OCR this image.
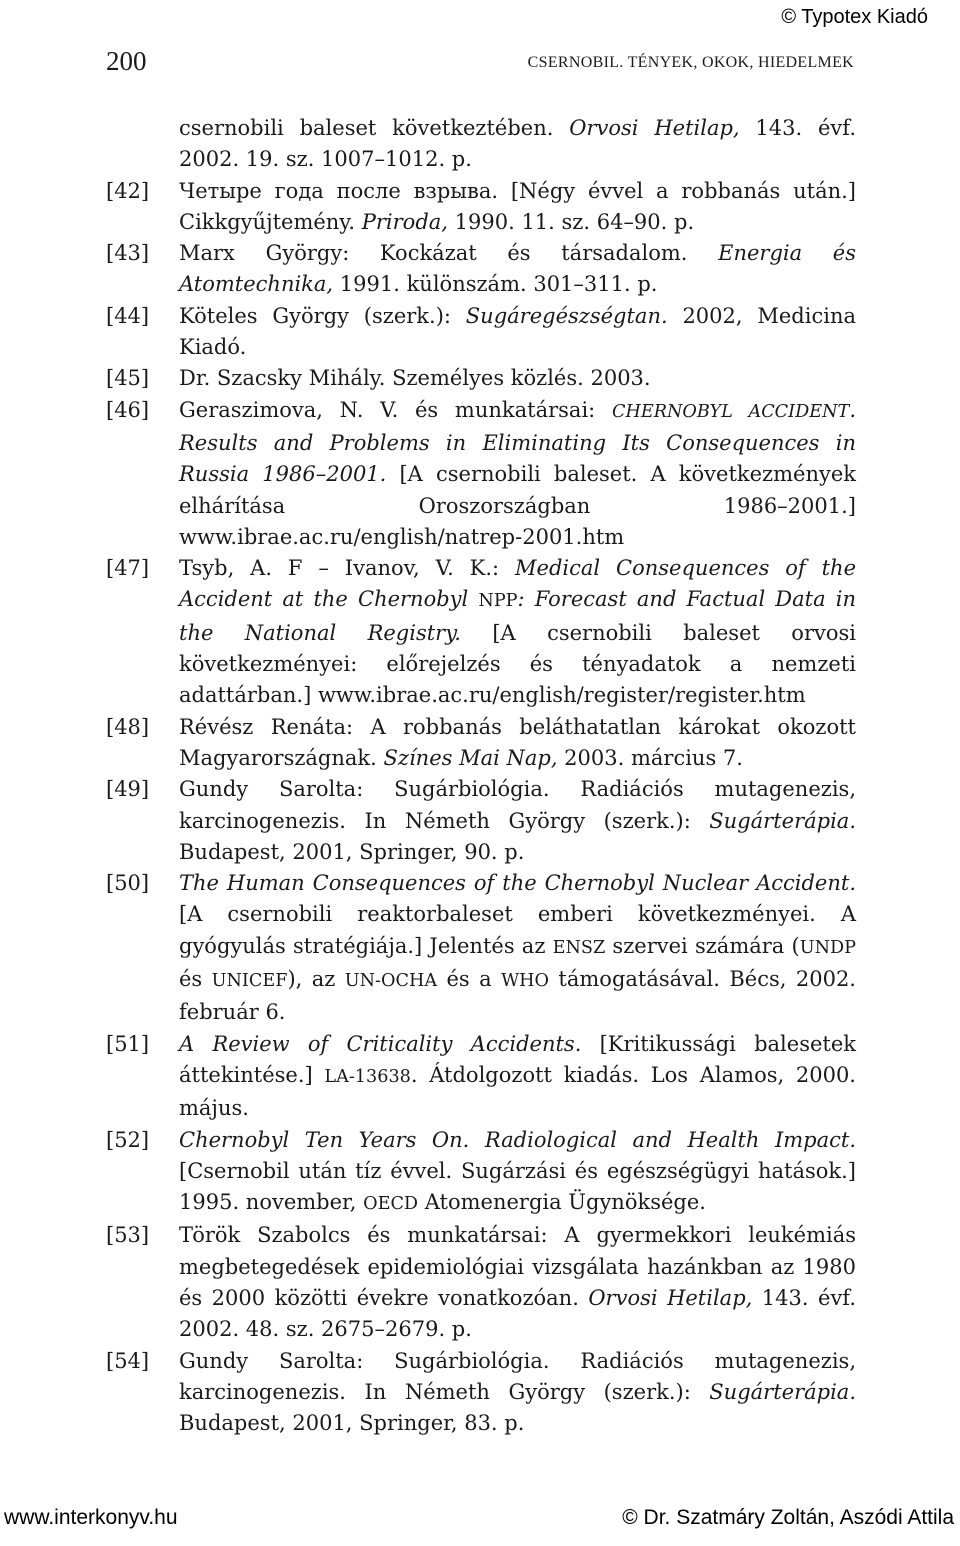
© Typotex Kiadó
200	CSERNOBIL. TÉNYEK, OKOK, HIEDELMEK
csernobili baleset következtében. Orvosi Hetilap, 143. évf. 2002. 19. sz. 1007–1012. p.
[42] Четыре года после взрыва. [Négy évvel a robbanás után.] Cikkgyűjtemény. Priroda, 1990. 11. sz. 64–90. p.
[43] Marx György: Kockázat és társadalom. Energia és Atomtechnika, 1991. különszám. 301–311. p.
[44] Köteles György (szerk.): Sugáregészségtan. 2002, Medicina Kiadó.
[45] Dr. Szacsky Mihály. Személyes közlés. 2003.
[46] Geraszimova, N. V. és munkatársai: CHERNOBYL ACCIDENT. Results and Problems in Eliminating Its Consequences in Russia 1986–2001. [A csernobili baleset. A következmények elhárítása Oroszországban 1986–2001.] www.ibrae.ac.ru/english/natrep-2001.htm
[47] Tsyb, A. F – Ivanov, V. K.: Medical Consequences of the Accident at the Chernobyl NPP: Forecast and Factual Data in the National Registry. [A csernobili baleset orvosi következményei: előrejelzés és tényadatok a nemzeti adattárban.] www.ibrae.ac.ru/english/register/register.htm
[48] Révész Renáta: A robbanás beláthatatlan károkat okozott Magyarországnak. Színes Mai Nap, 2003. március 7.
[49] Gundy Sarolta: Sugárbiológia. Radiációs mutagenezis, karcinogenezis. In Németh György (szerk.): Sugárterápia. Budapest, 2001, Springer, 90. p.
[50] The Human Consequences of the Chernobyl Nuclear Accident. [A csernobili reaktorbaleset emberi következményei. A gyógyulás stratégiája.] Jelentés az ENSZ szervei számára (UNDP és UNICEF), az UN-OCHA és a WHO támogatásával. Bécs, 2002. február 6.
[51] A Review of Criticality Accidents. [Kritikussági balesetek áttekintése.] LA-13638. Átdolgozott kiadás. Los Alamos, 2000. május.
[52] Chernobyl Ten Years On. Radiological and Health Impact. [Csernobil után tíz évvel. Sugárzási és egészségügyi hatások.] 1995. november, OECD Atomenergia Ügynöksége.
[53] Török Szabolcs és munkatársai: A gyermekkori leukémiás megbetegedések epidemiológiai vizsgálata hazánkban az 1980 és 2000 közötti évekre vonatkozóan. Orvosi Hetilap, 143. évf. 2002. 48. sz. 2675–2679. p.
[54] Gundy Sarolta: Sugárbiológia. Radiációs mutagenezis, karcinogenezis. In Németh György (szerk.): Sugárterápia. Budapest, 2001, Springer, 83. p.
www.interkonyv.hu	© Dr. Szatmáry Zoltán, Aszódi Attila
